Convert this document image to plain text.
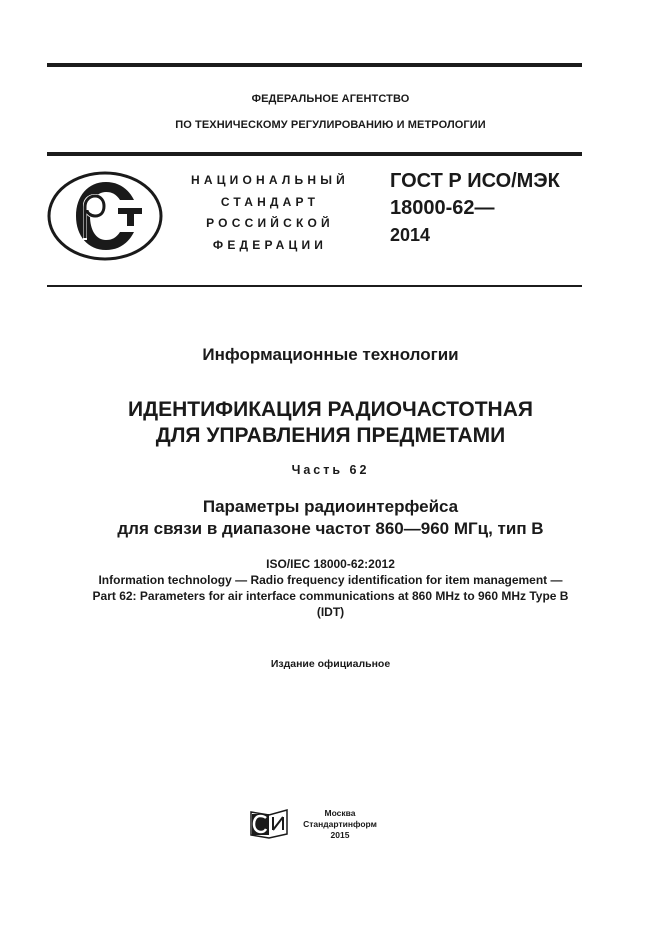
ФЕДЕРАЛЬНОЕ АГЕНТСТВО
ПО ТЕХНИЧЕСКОМУ РЕГУЛИРОВАНИЮ И МЕТРОЛОГИИ
НАЦИОНАЛЬНЫЙ
СТАНДАРТ
РОССИЙСКОЙ
ФЕДЕРАЦИИ
ГОСТ Р ИСО/МЭК
18000-62—
2014
Информационные технологии
ИДЕНТИФИКАЦИЯ РАДИОЧАСТОТНАЯ
ДЛЯ УПРАВЛЕНИЯ ПРЕДМЕТАМИ
Часть 62
Параметры радиоинтерфейса
для связи в диапазоне частот 860—960 МГц, тип B
ISO/IEC 18000-62:2012
Information technology — Radio frequency identification for item management —
Part 62: Parameters for air interface communications at 860 MHz to 960 MHz Type B
(IDT)
Издание официальное
Москва
Стандартинформ
2015
